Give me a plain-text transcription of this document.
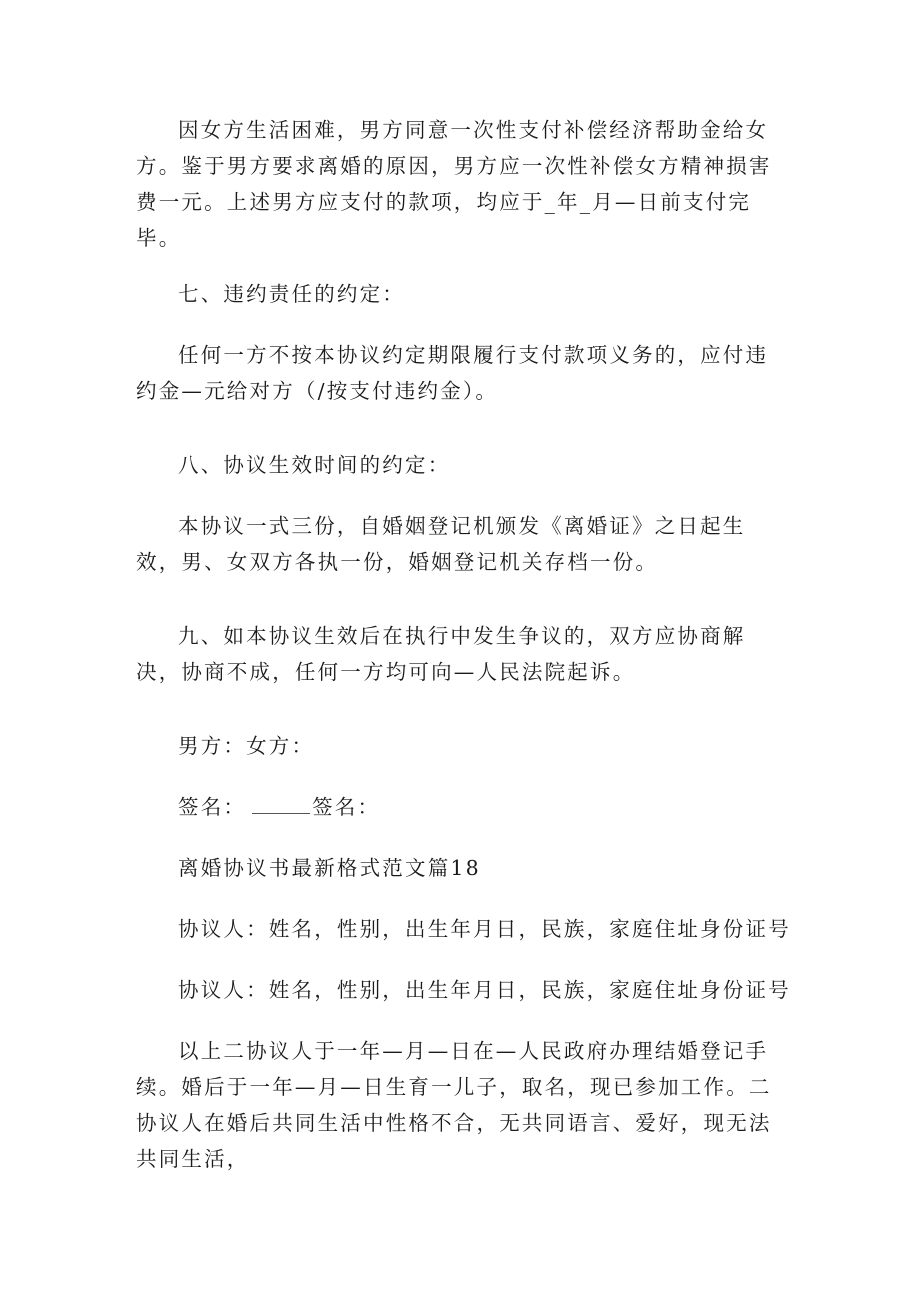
因女方生活困难，男方同意一次性支付补偿经济帮助金给女方。鉴于男方要求离婚的原因，男方应一次性补偿女方精神损害费一元。上述男方应支付的款项，均应于_年_月—日前支付完毕。

七、违约责任的约定：

任何一方不按本协议约定期限履行支付款项义务的，应付违约金—元给对方（/按支付违约金）。

八、协议生效时间的约定：

本协议一式三份，自婚姻登记机颁发《离婚证》之日起生效，男、女双方各执一份，婚姻登记机关存档一份。

九、如本协议生效后在执行中发生争议的，双方应协商解决，协商不成，任何一方均可向—人民法院起诉。

男方：女方：

签名：	签名：

离婚协议书最新格式范文篇18

协议人：姓名，性别，出生年月日，民族，家庭住址身份证号

协议人：姓名，性别，出生年月日，民族，家庭住址身份证号

以上二协议人于一年—月—日在—人民政府办理结婚登记手续。婚后于一年—月—日生育一儿子，取名，现已参加工作。二协议人在婚后共同生活中性格不合，无共同语言、爱好，现无法共同生活，
